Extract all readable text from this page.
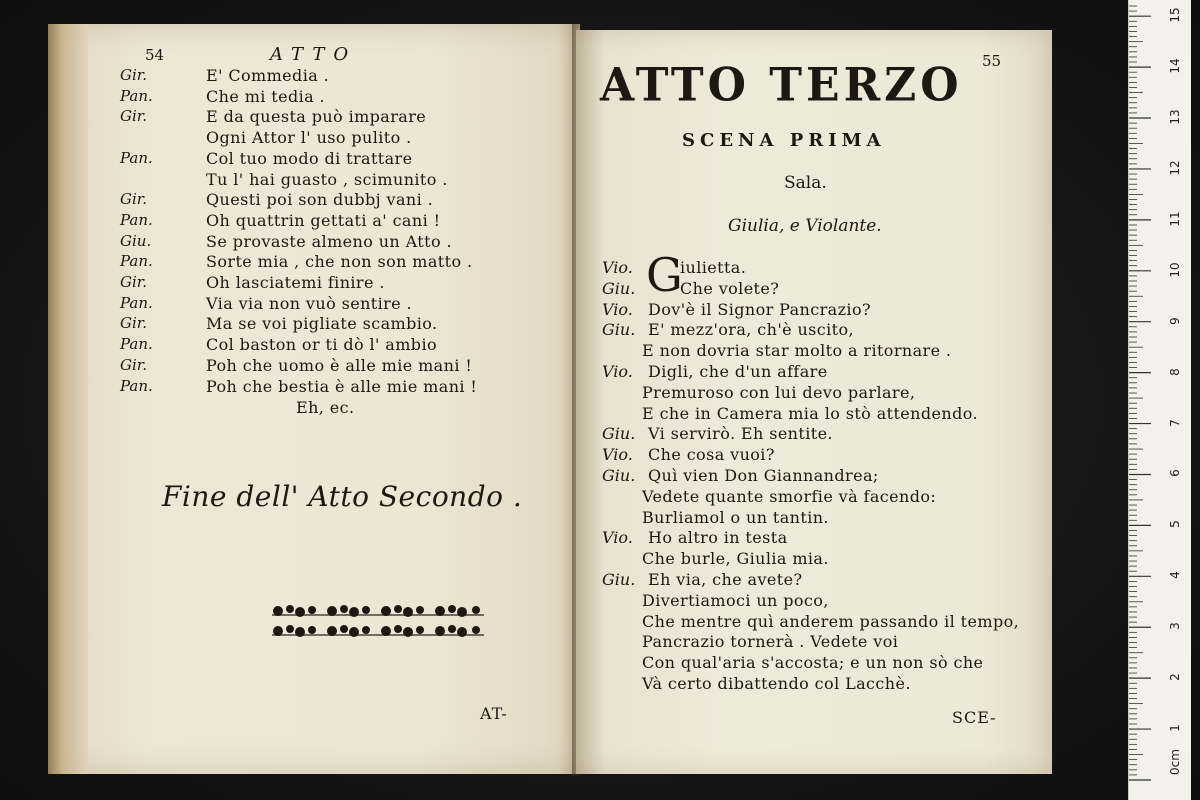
54	ATTO
Gir.	E' Commedia .
Pan.	Che mi tedia .
Gir.	E da questa può imparare
Ogni Attor l' uso pulito .
Pan.	Col tuo modo di trattare
Tu l' hai guasto , scimunito .
Gir.	Questi poi son dubbj vani .
Pan.	Oh quattrin gettati a' cani !
Giu.	Se provaste almeno un Atto .
Pan.	Sorte mia , che non son matto .
Gir.	Oh lasciatemi finire .
Pan.	Via via non vuò sentire .
Gir.	Ma se voi pigliate scambio.
Pan.	Col baston or ti dò l' ambio
Gir.	Poh che uomo è alle mie mani !
Pan.	Poh che bestia è alle mie mani !
Eh, ec.
Fine dell' Atto Secondo .
AT-
55
ATTO TERZO
SCENA PRIMA
Sala.
Giulia, e Violante.
G
Vio.	iulietta.
Giu.	Che volete?
Vio. Dov'è il Signor Pancrazio?
Giu. E' mezz'ora, ch'è uscito,
E non dovria star molto a ritornare .
Vio. Digli, che d'un affare
Premuroso con lui devo parlare,
E che in Camera mia lo stò attendendo.
Giu. Vi servirò. Eh sentite.
Vio. Che cosa vuoi?
Giu. Quì vien Don Giannandrea;
Vedete quante smorfie và facendo:
Burliamol o un tantin.
Vio. Ho altro in testa
Che burle, Giulia mia.
Giu. Eh via, che avete?
Divertiamoci un poco,
Che mentre quì anderem passando il tempo,
Pancrazio tornerà . Vedete voi
Con qual'aria s'accosta; e un non sò che
Và certo dibattendo col Lacchè.
SCE-
15
14
13
12
11
10
9
8
7
6
5
4
3
2
1
0cm
